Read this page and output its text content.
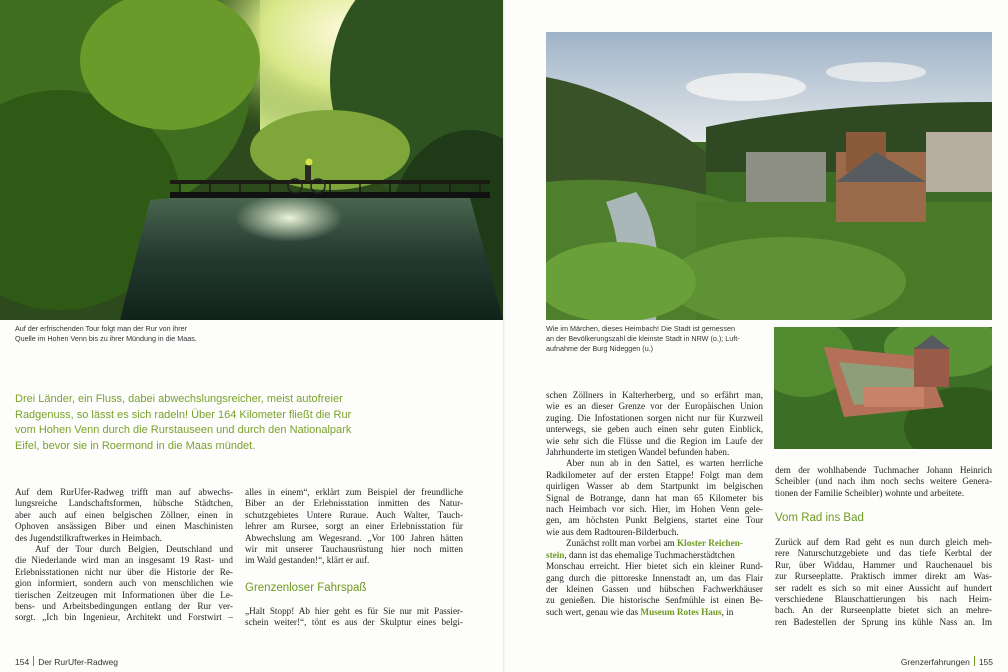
Auf der erfrischenden Tour folgt man der Rur von ihrer
Quelle im Hohen Venn bis zu ihrer Mündung in die Maas.
Wie im Märchen, dieses Heimbach! Die Stadt ist gemessen
an der Bevölkerungszahl die kleinste Stadt in NRW (o.); Luft-
aufnahme der Burg Nideggen (u.)
Drei Länder, ein Fluss, dabei abwechslungsreicher, meist autofreier
Radgenuss, so lässt es sich radeln! Über 164 Kilometer fließt die Rur
vom Hohen Venn durch die Rurstauseen und durch den Nationalpark
Eifel, bevor sie in Roermond in die Maas mündet.
Auf dem RurUfer-Radweg trifft man auf abwechs-
lungsreiche Landschaftsformen, hübsche Städtchen,
aber auch auf einen belgischen Zöllner, einen in
Ophoven ansässigen Biber und einen Maschinisten
des Jugendstilkraftwerkes in Heimbach.
Auf der Tour durch Belgien, Deutschland und
die Niederlande wird man an insgesamt 19 Rast- und
Erlebnisstationen nicht nur über die Historie der Re-
gion informiert, sondern auch von menschlichen wie
tierischen Zeitzeugen mit Informationen über die Le-
bens- und Arbeitsbedingungen entlang der Rur ver-
sorgt. „Ich bin Ingenieur, Architekt und Forstwirt –
alles in einem“, erklärt zum Beispiel der freundliche
Biber an der Erlebnisstation inmitten des Natur-
schutzgebietes Untere Ruraue. Auch Walter, Tauch-
lehrer am Rursee, sorgt an einer Erlebnisstation für
Abwechslung am Wegesrand. „Vor 100 Jahren hätten
wir mit unserer Tauchausrüstung hier noch mitten
im Wald gestanden!“, klärt er auf.
Grenzenloser Fahrspaß
„Halt Stopp! Ab hier geht es für Sie nur mit Passier-
schein weiter!“, tönt es aus der Skulptur eines belgi-
schen Zöllners in Kalterherberg, und so erfährt man,
wie es an dieser Grenze vor der Europäischen Union
zuging. Die Infostationen sorgen nicht nur für Kurzweil
unterwegs, sie geben auch einen sehr guten Einblick,
wie sehr sich die Flüsse und die Region im Laufe der
Jahrhunderte im stetigen Wandel befunden haben.
Aber nun ab in den Sattel, es warten herrliche
Radkilometer auf der ersten Etappe! Folgt man dem
quirligen Wasser ab dem Startpunkt im belgischen
Signal de Botrange, dann hat man 65 Kilometer bis
nach Heimbach vor sich. Hier, im Hohen Venn gele-
gen, am höchsten Punkt Belgiens, startet eine Tour
wie aus dem Radtouren-Bilderbuch.
Zunächst rollt man vorbei am Kloster Reichen-
stein, dann ist das ehemalige Tuchmacherstädtchen
Monschau erreicht. Hier bietet sich ein kleiner Rund-
gang durch die pittoreske Innenstadt an, um das Flair
der kleinen Gassen und hübschen Fachwerkhäuser
zu genießen. Die historische Senfmühle ist einen Be-
such wert, genau wie das Museum Rotes Haus, in
dem der wohlhabende Tuchmacher Johann Heinrich
Scheibler (und nach ihm noch sechs weitere Genera-
tionen der Familie Scheibler) wohnte und arbeitete.
Vom Rad ins Bad
Zurück auf dem Rad geht es nun durch gleich meh-
rere Naturschutzgebiete und das tiefe Kerbtal der
Rur, über Widdau, Hammer und Rauchenauel bis
zur Rurseeplatte. Praktisch immer direkt am Was-
ser radelt es sich so mit einer Aussicht auf hundert
verschiedene Blauschattierungen bis nach Heim-
bach. An der Rurseenplatte bietet sich an mehre-
ren Badestellen der Sprung ins kühle Nass an. Im
154 Der RurUfer-Radweg	Grenzerfahrungen 155
